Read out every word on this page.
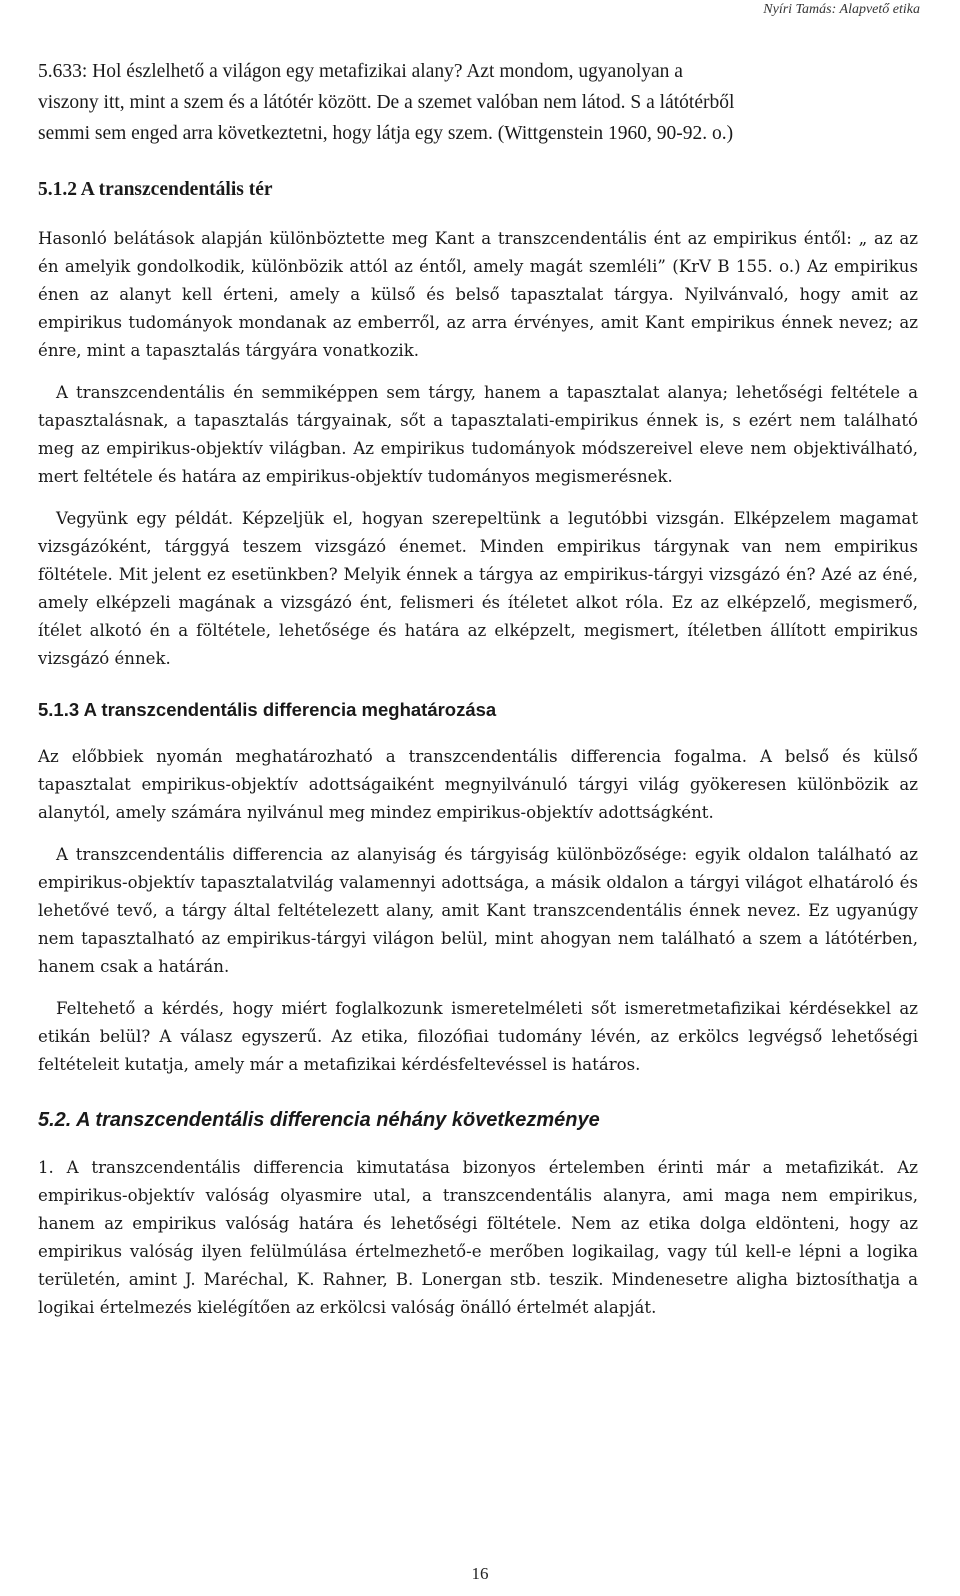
Nyíri Tamás: Alapvető etika

5.633: Hol észlelhető a világon egy metafizikai alany? Azt mondom, ugyanolyan a viszony itt, mint a szem és a látótér között. De a szemet valóban nem látod. S a látótérből semmi sem enged arra következtetni, hogy látja egy szem. (Wittgenstein 1960, 90-92. o.)

5.1.2 A transzcendentális tér

Hasonló belátások alapján különböztette meg Kant a transzcendentális ént az empirikus éntől: „ az az én amelyik gondolkodik, különbözik attól az éntől, amely magát szemléli” (KrV B 155. o.) Az empirikus énen az alanyt kell érteni, amely a külső és belső tapasztalat tárgya. Nyilvánvaló, hogy amit az empirikus tudományok mondanak az emberről, az arra érvényes, amit Kant empirikus énnek nevez; az énre, mint a tapasztalás tárgyára vonatkozik.

A transzcendentális én semmiképpen sem tárgy, hanem a tapasztalat alanya; lehetőségi feltétele a tapasztalásnak, a tapasztalás tárgyainak, sőt a tapasztalati-empirikus énnek is, s ezért nem található meg az empirikus-objektív világban. Az empirikus tudományok módszereivel eleve nem objektiválható, mert feltétele és határa az empirikus-objektív tudományos megismerésnek.

Vegyünk egy példát. Képzeljük el, hogyan szerepeltünk a legutóbbi vizsgán. Elképzelem magamat vizsgázóként, tárggyá teszem vizsgázó énemet. Minden empirikus tárgynak van nem empirikus föltétele. Mit jelent ez esetünkben? Melyik énnek a tárgya az empirikus-tárgyi vizsgázó én? Azé az éné, amely elképzeli magának a vizsgázó ént, felismeri és ítéletet alkot róla. Ez az elképzelő, megismerő, ítélet alkotó én a föltétele, lehetősége és határa az elképzelt, megismert, ítéletben állított empirikus vizsgázó énnek.

5.1.3 A transzcendentális differencia meghatározása

Az előbbiek nyomán meghatározható a transzcendentális differencia fogalma. A belső és külső tapasztalat empirikus-objektív adottságaiként megnyilvánuló tárgyi világ gyökeresen különbözik az alanytól, amely számára nyilvánul meg mindez empirikus-objektív adottságként.

A transzcendentális differencia az alanyiság és tárgyiság különbözősége: egyik oldalon található az empirikus-objektív tapasztalatvilág valamennyi adottsága, a másik oldalon a tárgyi világot elhatároló és lehetővé tevő, a tárgy által feltételezett alany, amit Kant transzcendentális énnek nevez. Ez ugyanúgy nem tapasztalható az empirikus-tárgyi világon belül, mint ahogyan nem található a szem a látótérben, hanem csak a határán.

Feltehető a kérdés, hogy miért foglalkozunk ismeretelméleti sőt ismeretmetafizikai kérdésekkel az etikán belül? A válasz egyszerű. Az etika, filozófiai tudomány lévén, az erkölcs legvégső lehetőségi feltételeit kutatja, amely már a metafizikai kérdésfeltevéssel is határos.

5.2. A transzcendentális differencia néhány következménye

1. A transzcendentális differencia kimutatása bizonyos értelemben érinti már a metafizikát. Az empirikus-objektív valóság olyasmire utal, a transzcendentális alanyra, ami maga nem empirikus, hanem az empirikus valóság határa és lehetőségi föltétele. Nem az etika dolga eldönteni, hogy az empirikus valóság ilyen felülmúlása értelmezhető-e merőben logikailag, vagy túl kell-e lépni a logika területén, amint J. Maréchal, K. Rahner, B. Lonergan stb. teszik. Mindenesetre aligha biztosíthatja a logikai értelmezés kielégítően az erkölcsi valóság önálló értelmét alapját.

16
